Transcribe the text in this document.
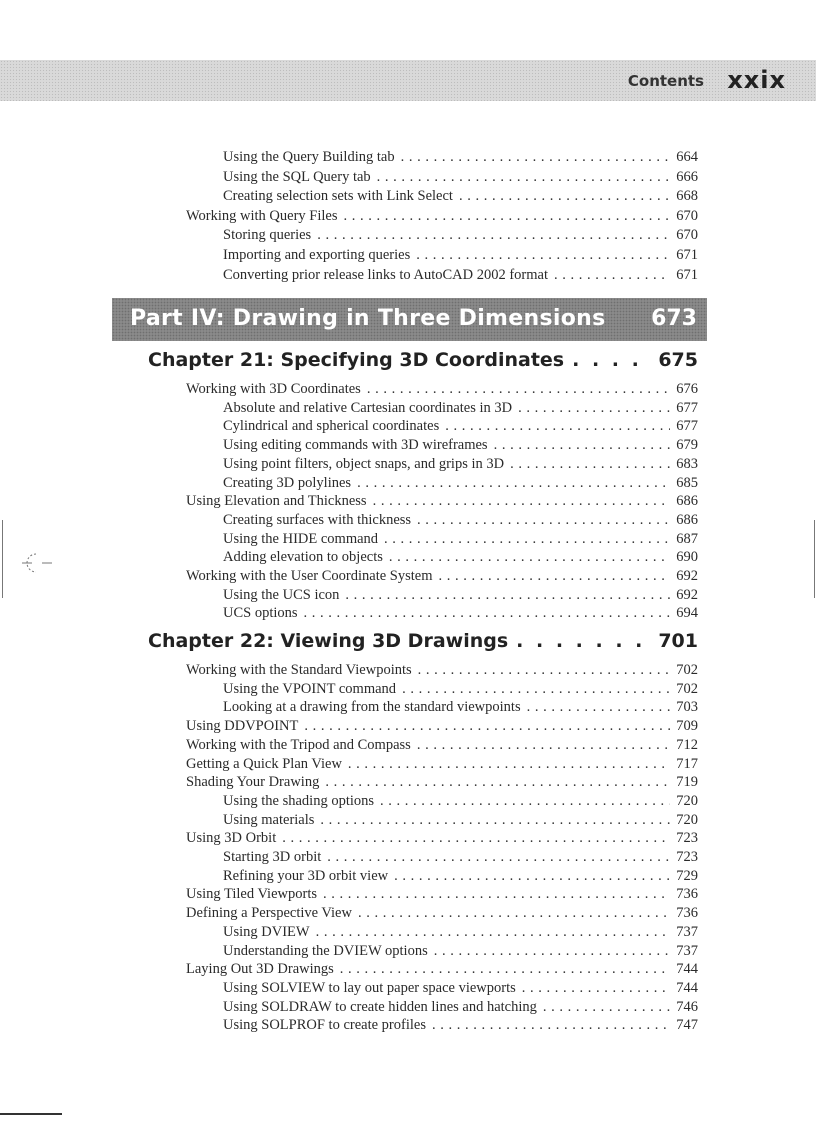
Contents xxix
Using the Query Building tab . . .	664
Using the SQL Query tab . . .	666
Creating selection sets with Link Select . . .	668
Working with Query Files . . .	670
Storing queries . . .	670
Importing and exporting queries . . .	671
Converting prior release links to AutoCAD 2002 format . . .	671
Part IV: Drawing in Three Dimensions 673
Chapter 21: Specifying 3D Coordinates . . .	675
Working with 3D Coordinates . . .	676
Absolute and relative Cartesian coordinates in 3D . . .	677
Cylindrical and spherical coordinates . . .	677
Using editing commands with 3D wireframes . . .	679
Using point filters, object snaps, and grips in 3D . . .	683
Creating 3D polylines . . .	685
Using Elevation and Thickness . . .	686
Creating surfaces with thickness . . .	686
Using the HIDE command . . .	687
Adding elevation to objects . . .	690
Working with the User Coordinate System . . .	692
Using the UCS icon . . .	692
UCS options . . .	694
Chapter 22: Viewing 3D Drawings . . .	701
Working with the Standard Viewpoints . . .	702
Using the VPOINT command . . .	702
Looking at a drawing from the standard viewpoints . . .	703
Using DDVPOINT . . .	709
Working with the Tripod and Compass . . .	712
Getting a Quick Plan View . . .	717
Shading Your Drawing . . .	719
Using the shading options . . .	720
Using materials . . .	720
Using 3D Orbit . . .	723
Starting 3D orbit . . .	723
Refining your 3D orbit view . . .	729
Using Tiled Viewports . . .	736
Defining a Perspective View . . .	736
Using DVIEW . . .	737
Understanding the DVIEW options . . .	737
Laying Out 3D Drawings . . .	744
Using SOLVIEW to lay out paper space viewports . . .	744
Using SOLDRAW to create hidden lines and hatching . . .	746
Using SOLPROF to create profiles . . .	747
